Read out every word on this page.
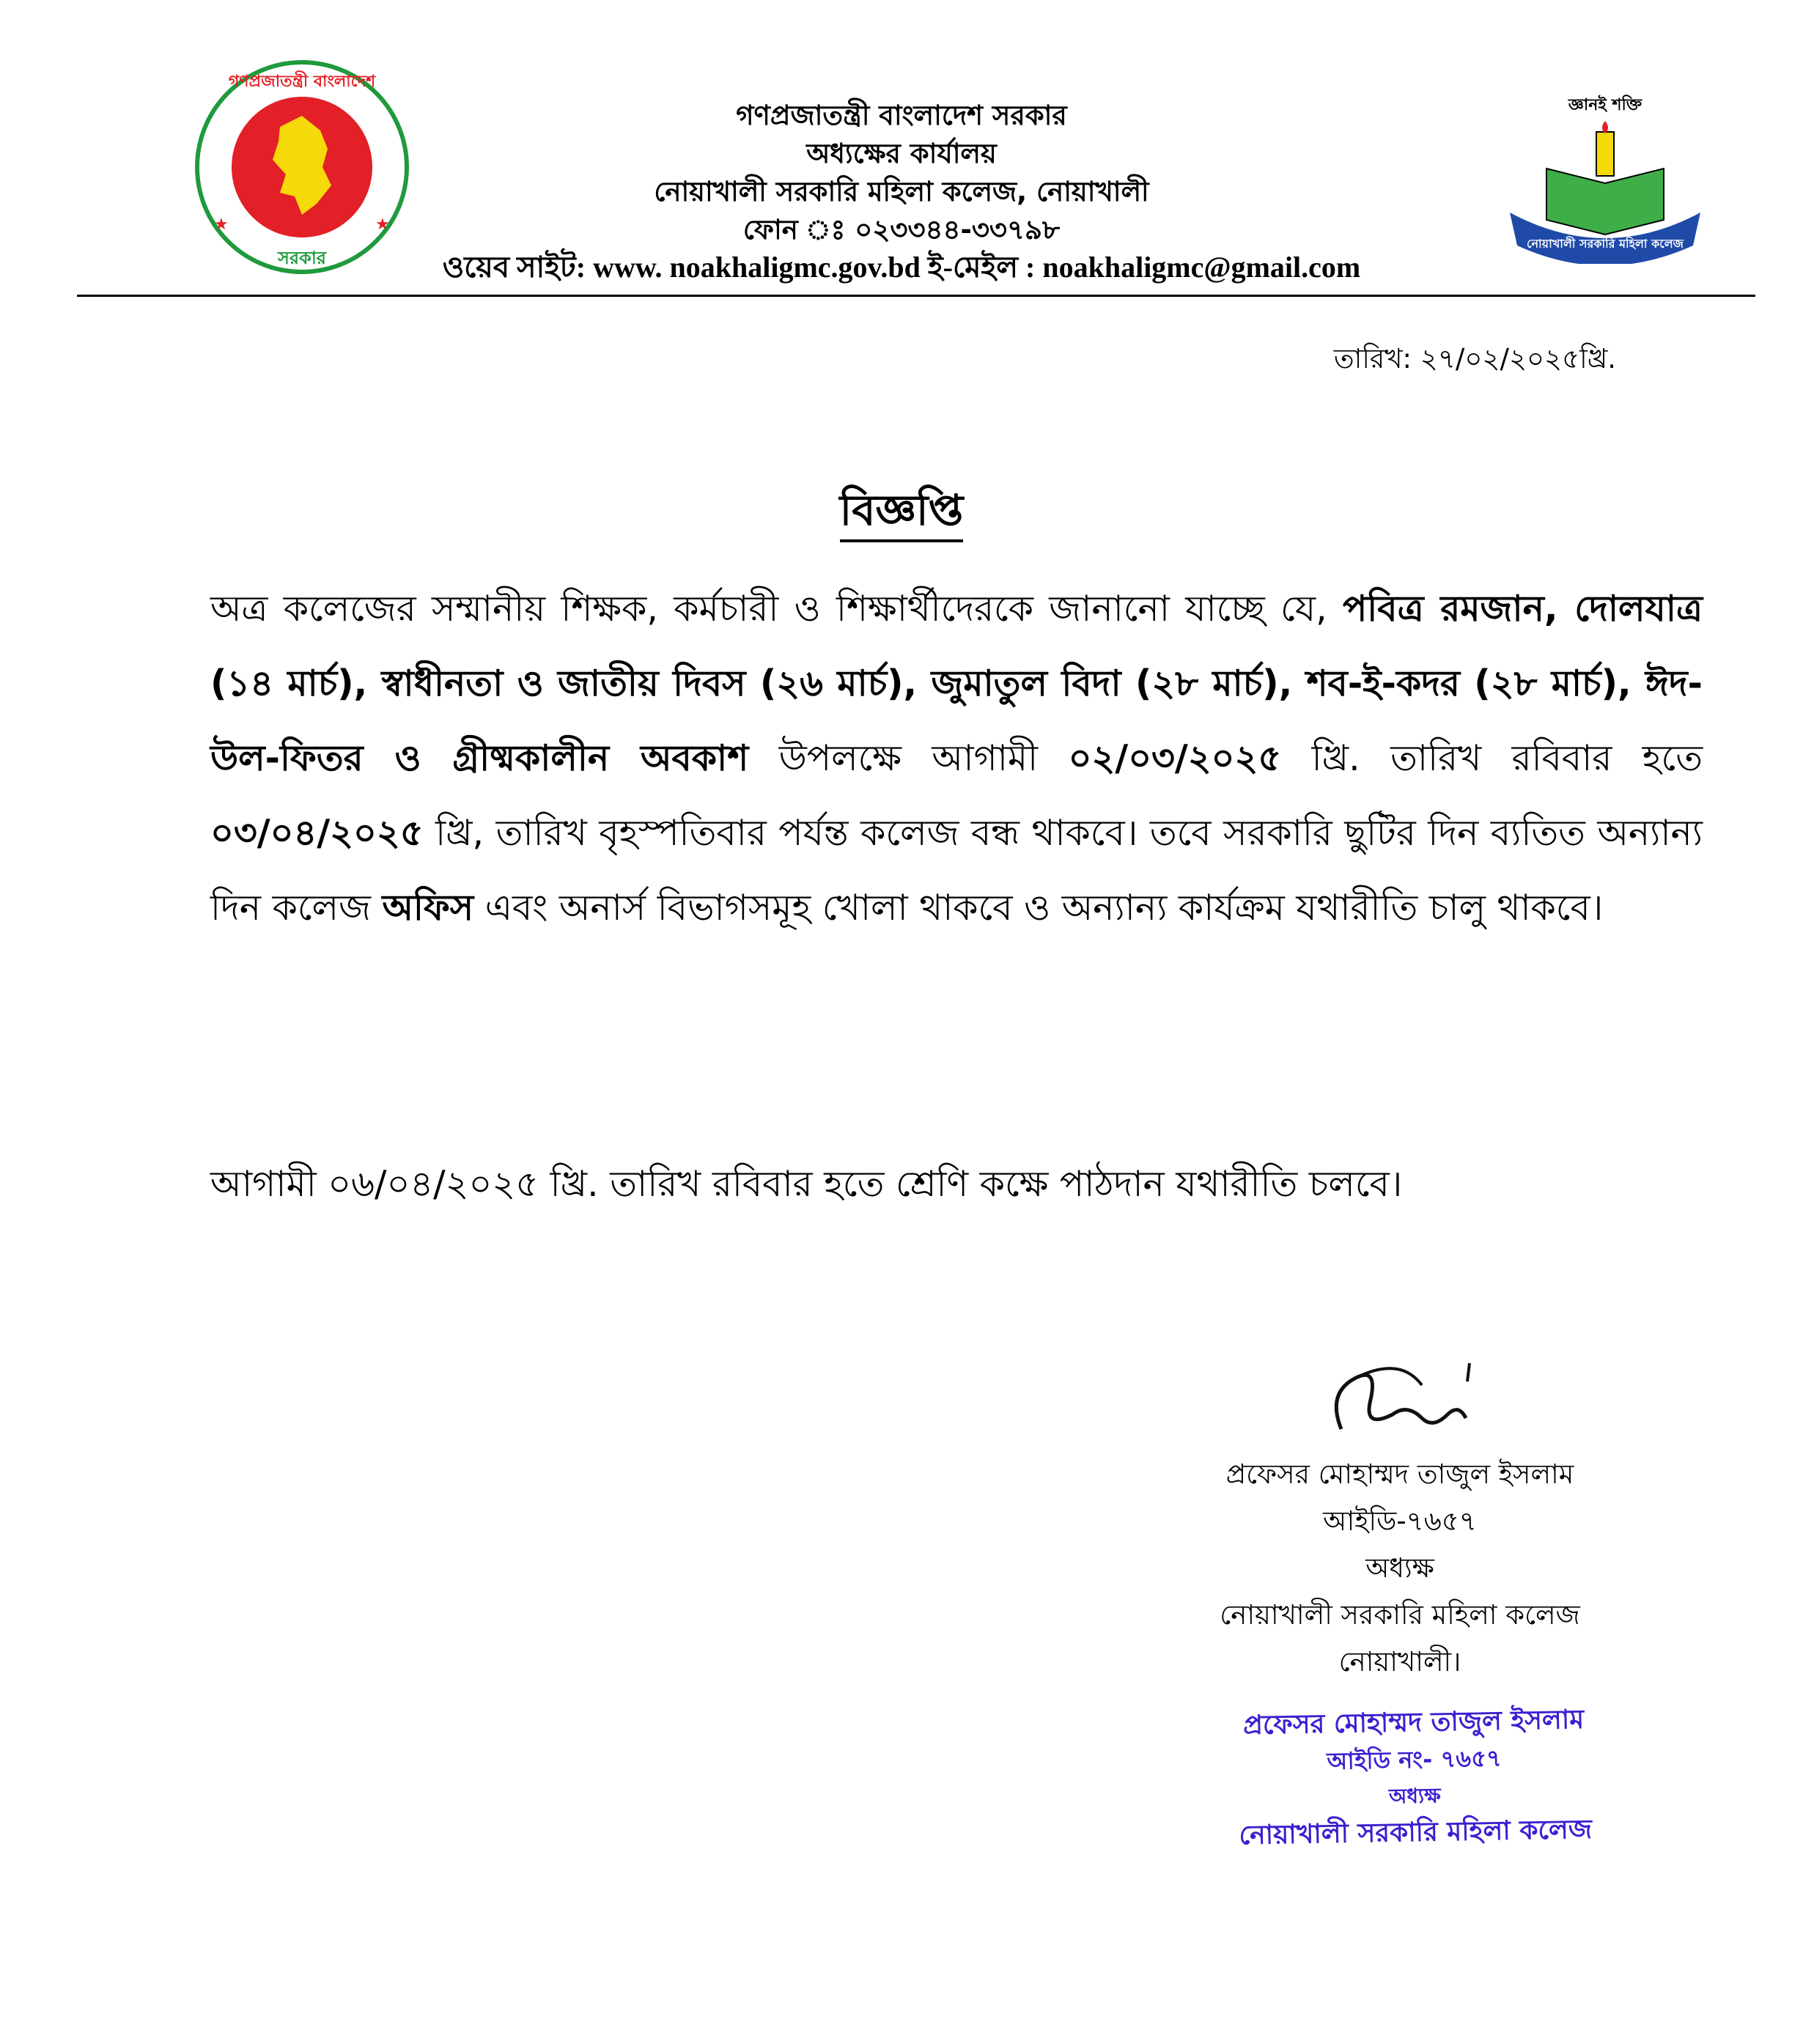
গণপ্রজাতন্ত্রী বাংলাদেশ
সরকার
★	★
গণপ্রজাতন্ত্রী বাংলাদেশ সরকার
অধ্যক্ষের কার্যালয়
নোয়াখালী সরকারি মহিলা কলেজ, নোয়াখালী
ফোন ঃ ০২৩৩৪৪-৩৩৭৯৮
ওয়েব সাইট: www. noakhaligmc.gov.bd ই-মেইল : noakhaligmc@gmail.com
জ্ঞানই শক্তি
নোয়াখালী সরকারি মহিলা কলেজ
তারিখ: ২৭/০২/২০২৫খ্রি.
বিজ্ঞপ্তি
অত্র কলেজের সম্মানীয় শিক্ষক, কর্মচারী ও শিক্ষার্থীদেরকে জানানো যাচ্ছে যে, পবিত্র রমজান, দোলযাত্র (১৪ মার্চ), স্বাধীনতা ও জাতীয় দিবস (২৬ মার্চ), জুমাতুল বিদা (২৮ মার্চ), শব-ই-কদর (২৮ মার্চ), ঈদ-উল-ফিতর ও গ্রীষ্মকালীন অবকাশ উপলক্ষে আগামী ০২/০৩/২০২৫ খ্রি. তারিখ রবিবার হতে ০৩/০৪/২০২৫ খ্রি, তারিখ বৃহস্পতিবার পর্যন্ত কলেজ বন্ধ থাকবে। তবে সরকারি ছুটির দিন ব্যতিত অন্যান্য দিন কলেজ অফিস এবং অনার্স বিভাগসমূহ খোলা থাকবে ও অন্যান্য কার্যক্রম যথারীতি চালু থাকবে।
আগামী ০৬/০৪/২০২৫ খ্রি. তারিখ রবিবার হতে শ্রেণি কক্ষে পাঠদান যথারীতি চলবে।
প্রফেসর মোহাম্মদ তাজুল ইসলাম
আইডি-৭৬৫৭
অধ্যক্ষ
নোয়াখালী সরকারি মহিলা কলেজ
নোয়াখালী।
প্রফেসর মোহাম্মদ তাজুল ইসলাম
আইডি নং- ৭৬৫৭
অধ্যক্ষ
নোয়াখালী সরকারি মহিলা কলেজ
